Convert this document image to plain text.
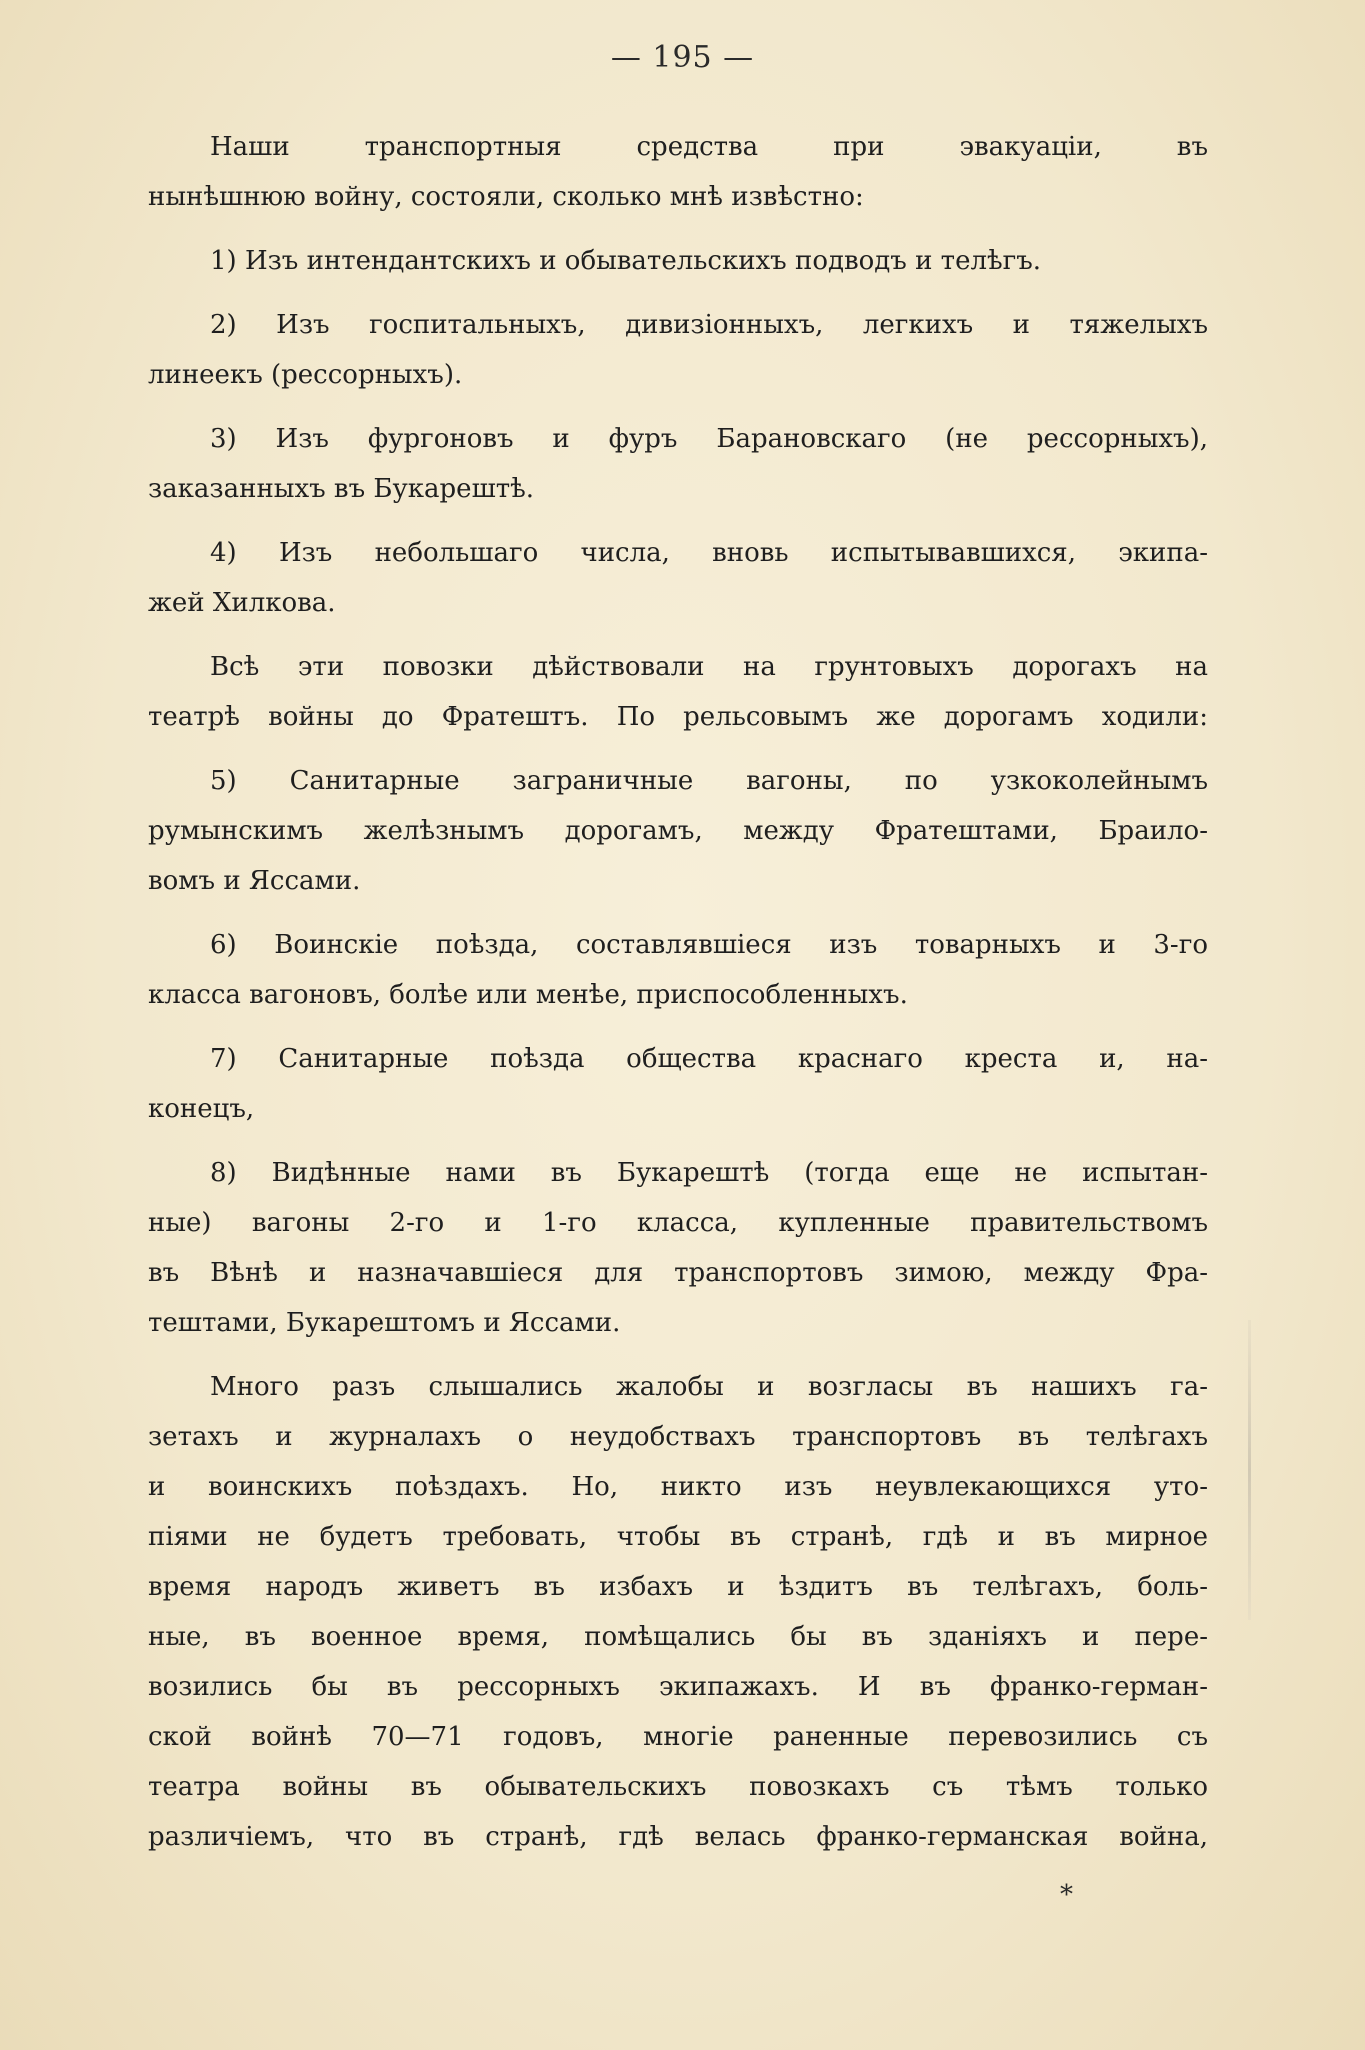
— 195 —
Наши транспортныя средства при эвакуаціи, въ
нынѣшнюю войну, состояли, сколько мнѣ извѣстно:
1) Изъ интендантскихъ и обывательскихъ подводъ и телѣгъ.
2) Изъ госпитальныхъ, дивизіонныхъ, легкихъ и тяжелыхъ
линеекъ (рессорныхъ).
3) Изъ фургоновъ и фуръ Барановскаго (не рессорныхъ),
заказанныхъ въ Букарештѣ.
4) Изъ небольшаго числа, вновь испытывавшихся, экипа-
жей Хилкова.
Всѣ эти повозки дѣйствовали на грунтовыхъ дорогахъ на
театрѣ войны до Фратештъ. По рельсовымъ же дорогамъ ходили:
5) Санитарные заграничные вагоны, по узкоколейнымъ
румынскимъ желѣзнымъ дорогамъ, между Фратештами, Браило-
вомъ и Яссами.
6) Воинскіе поѣзда, составлявшіеся изъ товарныхъ и 3-го
класса вагоновъ, болѣе или менѣе, приспособленныхъ.
7) Санитарные поѣзда общества краснаго креста и, на-
конецъ,
8) Видѣнные нами въ Букарештѣ (тогда еще не испытан-
ные) вагоны 2-го и 1-го класса, купленные правительствомъ
въ Вѣнѣ и назначавшіеся для транспортовъ зимою, между Фра-
тештами, Букарештомъ и Яссами.
Много разъ слышались жалобы и возгласы въ нашихъ га-
зетахъ и журналахъ о неудобствахъ транспортовъ въ телѣгахъ
и воинскихъ поѣздахъ. Но, никто изъ неувлекающихся уто-
піями не будетъ требовать, чтобы въ странѣ, гдѣ и въ мирное
время народъ живетъ въ избахъ и ѣздитъ въ телѣгахъ, боль-
ные, въ военное время, помѣщались бы въ зданіяхъ и пере-
возились бы въ рессорныхъ экипажахъ. И въ франко-герман-
ской войнѣ 70—71 годовъ, многіе раненные перевозились съ
театра войны въ обывательскихъ повозкахъ съ тѣмъ только
различіемъ, что въ странѣ, гдѣ велась франко-германская война,
*
